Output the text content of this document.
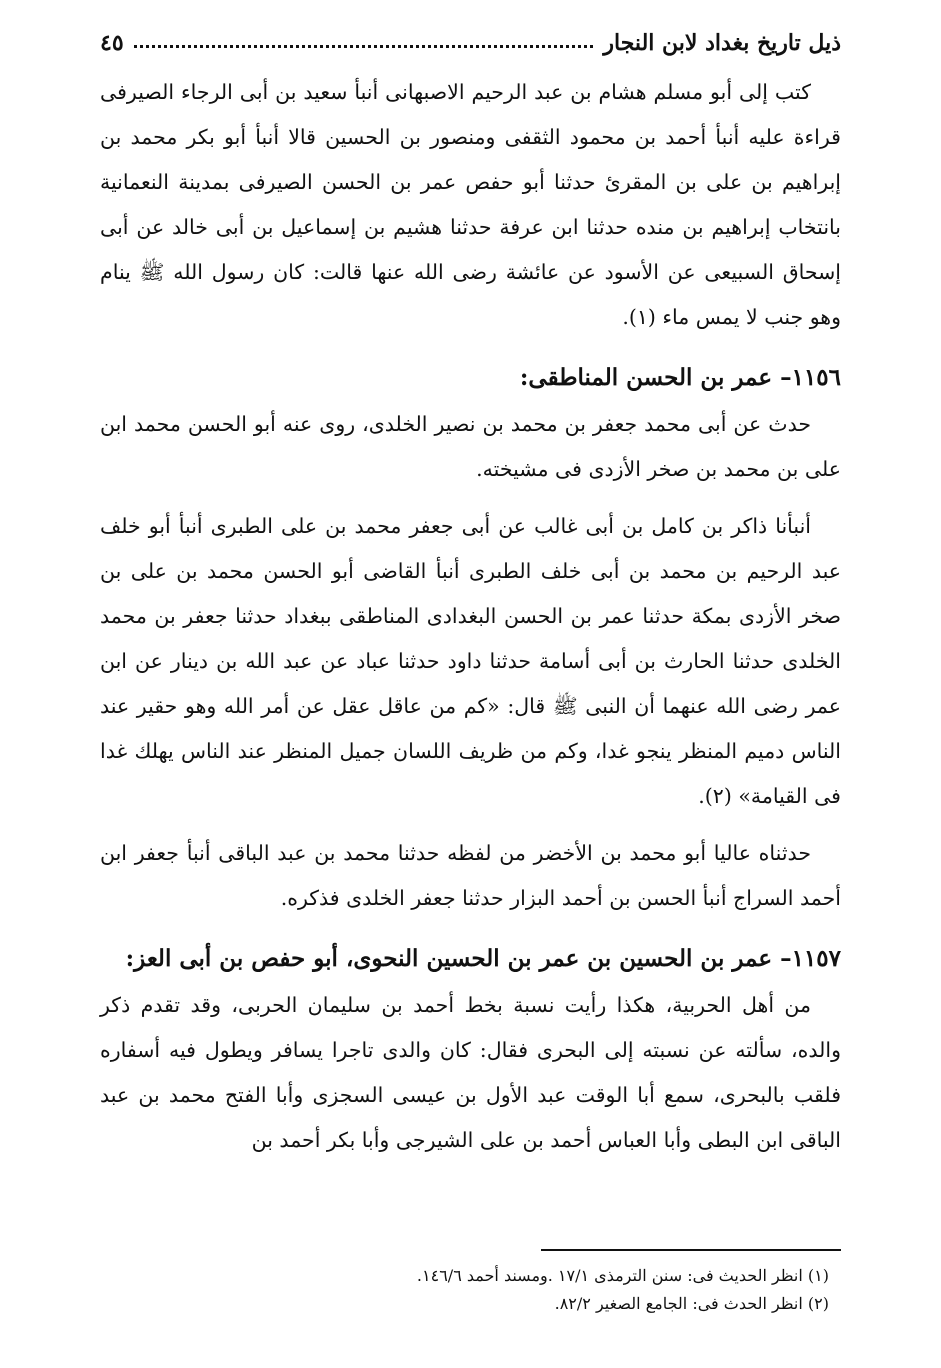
ذيل تاريخ بغداد لابن النجار
٤٥

كتب إلى أبو مسلم هشام بن عبد الرحيم الاصبهانى أنبأ سعيد بن أبى الرجاء الصيرفى قراءة عليه أنبأ أحمد بن محمود الثقفى ومنصور بن الحسين قالا أنبأ أبو بكر محمد بن إبراهيم بن على بن المقرئ حدثنا أبو حفص عمر بن الحسن الصيرفى بمدينة النعمانية بانتخاب إبراهيم بن منده حدثنا ابن عرفة حدثنا هشيم بن إسماعيل بن أبى خالد عن أبى إسحاق السبيعى عن الأسود عن عائشة رضى الله عنها قالت: كان رسول الله ﷺ ينام وهو جنب لا يمس ماء (١).

١١٥٦– عمر بن الحسن المناطقى:

حدث عن أبى محمد جعفر بن محمد بن نصير الخلدى، روى عنه أبو الحسن محمد ابن على بن محمد بن صخر الأزدى فى مشيخته.

أنبأنا ذاكر بن كامل بن أبى غالب عن أبى جعفر محمد بن على الطبرى أنبأ أبو خلف عبد الرحيم بن محمد بن أبى خلف الطبرى أنبأ القاضى أبو الحسن محمد بن على بن صخر الأزدى بمكة حدثنا عمر بن الحسن البغدادى المناطقى ببغداد حدثنا جعفر بن محمد الخلدى حدثنا الحارث بن أبى أسامة حدثنا داود حدثنا عباد عن عبد الله بن دينار عن ابن عمر رضى الله عنهما أن النبى ﷺ قال: «كم من عاقل عقل عن أمر الله وهو حقير عند الناس دميم المنظر ينجو غدا، وكم من ظريف اللسان جميل المنظر عند الناس يهلك غدا فى القيامة» (٢).

حدثناه عاليا أبو محمد بن الأخضر من لفظه حدثنا محمد بن عبد الباقى أنبأ جعفر ابن أحمد السراج أنبأ الحسن بن أحمد البزار حدثنا جعفر الخلدى فذكره.

١١٥٧– عمر بن الحسين بن عمر بن الحسين النحوى، أبو حفص بن أبى العز:

من أهل الحربية، هكذا رأيت نسبة بخط أحمد بن سليمان الحربى، وقد تقدم ذكر والده، سألته عن نسبته إلى البحرى فقال: كان والدى تاجرا يسافر ويطول فيه أسفاره فلقب بالبحرى، سمع أبا الوقت عبد الأول بن عيسى السجزى وأبا الفتح محمد بن عبد الباقى ابن البطى وأبا العباس أحمد بن على الشيرجى وأبا بكر أحمد بن

(١) انظر الحديث فى: سنن الترمذى ١٧/١ .ومسند أحمد ١٤٦/٦.
(٢) انظر الحدث فى: الجامع الصغير ٨٢/٢.
